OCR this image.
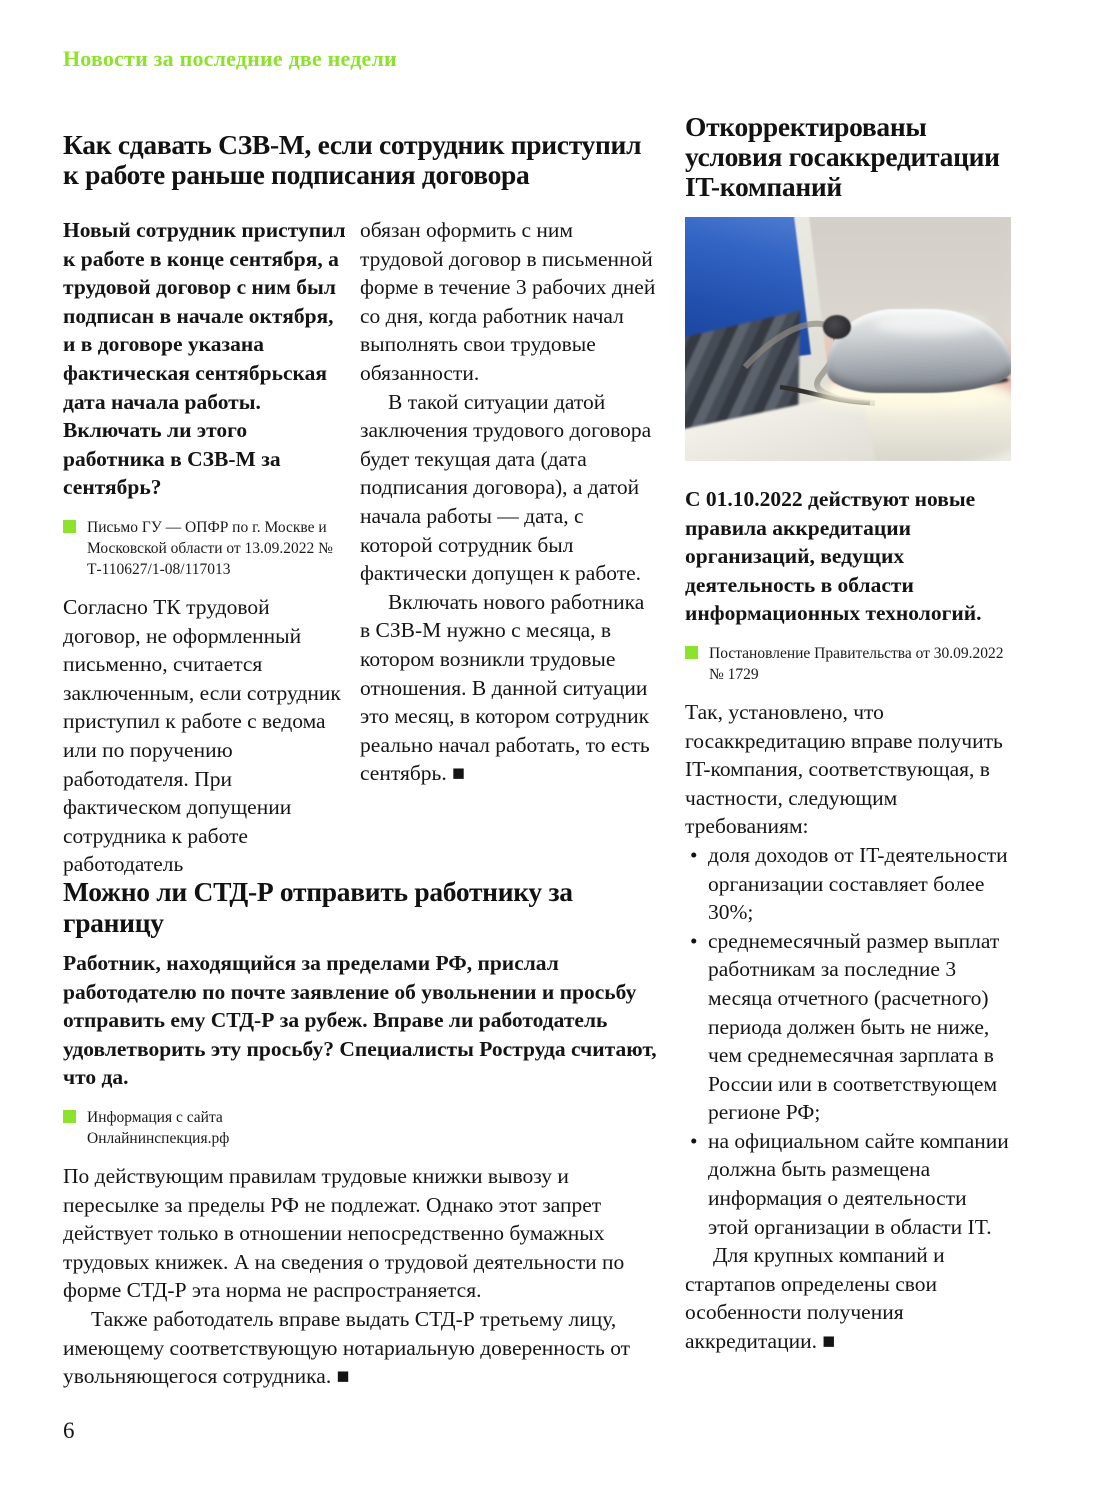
Новости за последние две недели
Как сдавать СЗВ-М, если сотрудник приступил к работе раньше подписания договора

Новый сотрудник приступил к работе в конце сентября, а трудовой договор с ним был подписан в начале октября, и в договоре указана фактическая сентябрьская дата начала работы. Включать ли этого работника в СЗВ-М за сентябрь?

Письмо ГУ — ОПФР по г. Москве и Московской области от 13.09.2022 № Т-110627/1-08/117013

Согласно ТК трудовой договор, не оформленный письменно, считается заключенным, если сотрудник приступил к работе с ведома или по поручению работодателя. При фактическом допущении сотрудника к работе работодатель

обязан оформить с ним трудовой договор в письменной форме в течение 3 рабочих дней со дня, когда работник начал выполнять свои трудовые обязанности.

В такой ситуации датой заключения трудового договора будет текущая дата (дата подписания договора), а датой начала работы — дата, с которой сотрудник был фактически допущен к работе.

Включать нового работника в СЗВ-М нужно с месяца, в котором возникли трудовые отношения. В данной ситуации это месяц, в котором сотрудник реально начал работать, то есть сентябрь. ■

Можно ли СТД-Р отправить работнику за границу

Работник, находящийся за пределами РФ, прислал работодателю по почте заявление об увольнении и просьбу отправить ему СТД-Р за рубеж. Вправе ли работодатель удовлетворить эту просьбу? Специалисты Роструда считают, что да.

Информация с сайта Онлайнинспекция.рф

По действующим правилам трудовые книжки вывозу и пересылке за пределы РФ не подлежат. Однако этот запрет действует только в отношении непосредственно бумажных трудовых книжек. А на сведения о трудовой деятельности по форме СТД-Р эта норма не распространяется.

Также работодатель вправе выдать СТД-Р третьему лицу, имеющему соответствующую нотариальную доверенность от увольняющегося сотрудника. ■

Откорректированы условия госаккредитации IT-компаний

С 01.10.2022 действуют новые правила аккредитации организаций, ведущих деятельность в области информационных технологий.

Постановление Правительства от 30.09.2022 № 1729

Так, установлено, что госаккредитацию вправе получить IT-компания, соответствующая, в частности, следующим требованиям:

• доля доходов от IT-деятельности организации составляет более 30%;
• среднемесячный размер выплат работникам за последние 3 месяца отчетного (расчетного) периода должен быть не ниже, чем среднемесячная зарплата в России или в соответствующем регионе РФ;
• на официальном сайте компании должна быть размещена информация о деятельности этой организации в области IT.

Для крупных компаний и стартапов определены свои особенности получения аккредитации. ■

6
